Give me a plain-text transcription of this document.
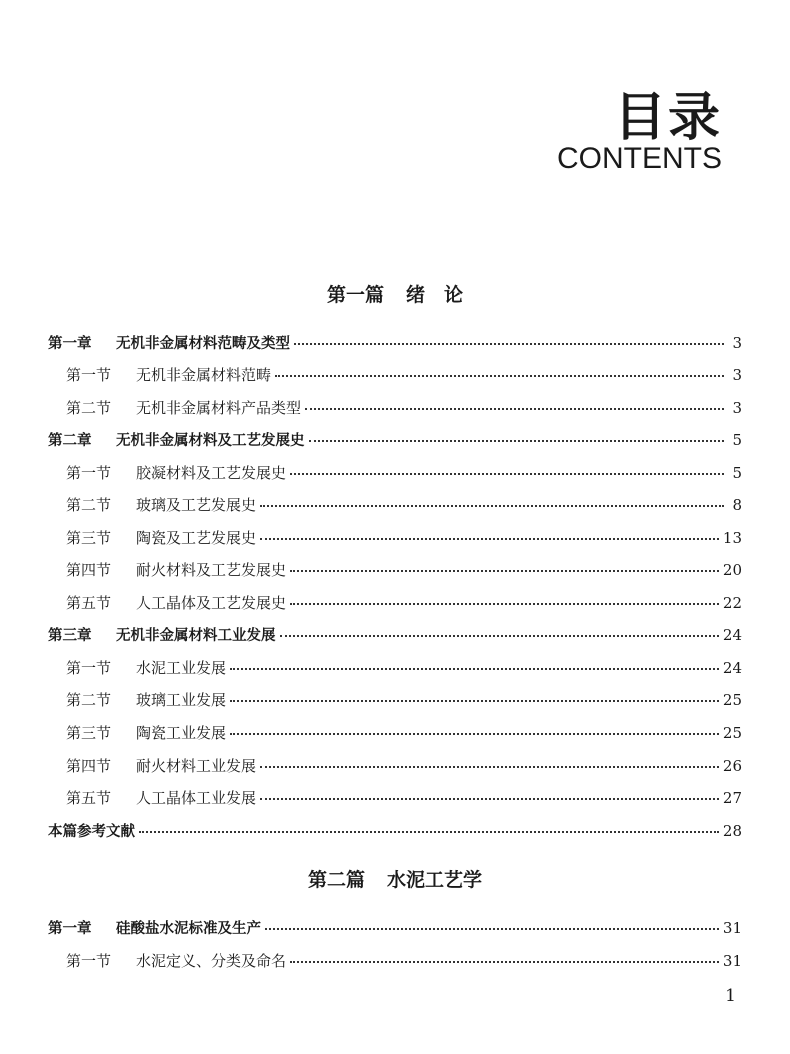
目录
CONTENTS
第一篇 绪　论
第一章	无机非金属材料范畴及类型	3
第一节	无机非金属材料范畴	3
第二节	无机非金属材料产品类型	3
第二章	无机非金属材料及工艺发展史	5
第一节	胶凝材料及工艺发展史	5
第二节	玻璃及工艺发展史	8
第三节	陶瓷及工艺发展史	13
第四节	耐火材料及工艺发展史	20
第五节	人工晶体及工艺发展史	22
第三章	无机非金属材料工业发展	24
第一节	水泥工业发展	24
第二节	玻璃工业发展	25
第三节	陶瓷工业发展	25
第四节	耐火材料工业发展	26
第五节	人工晶体工业发展	27
本篇参考文献	28
第二篇 水泥工艺学
第一章	硅酸盐水泥标准及生产	31
第一节	水泥定义、分类及命名	31
1
